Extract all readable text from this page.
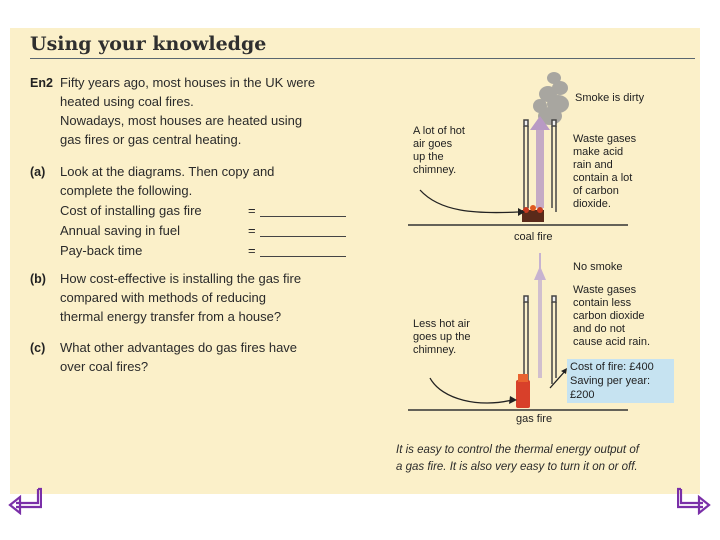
Using your knowledge
En2 Fifty years ago, most houses in the UK were
heated using coal fires.
Nowadays, most houses are heated using
gas fires or gas central heating.
(a) Look at the diagrams. Then copy and
complete the following.
Cost of installing gas fire	=
Annual saving in fuel	=
Pay-back time	=
(b) How cost-effective is installing the gas fire
compared with methods of reducing
thermal energy transfer from a house?
(c) What other advantages do gas fires have
over coal fires?
Smoke is dirty
A lot of hot
air goes
up the
chimney.
Waste gases
make acid
rain and
contain a lot
of carbon
dioxide.
coal fire
No smoke
Waste gases
contain less
carbon dioxide
and do not
cause acid rain.
Less hot air
goes up the
chimney.
Cost of fire: £400
Saving per year:
£200
gas fire
It is easy to control the thermal energy output of
a gas fire. It is also very easy to turn it on or off.
